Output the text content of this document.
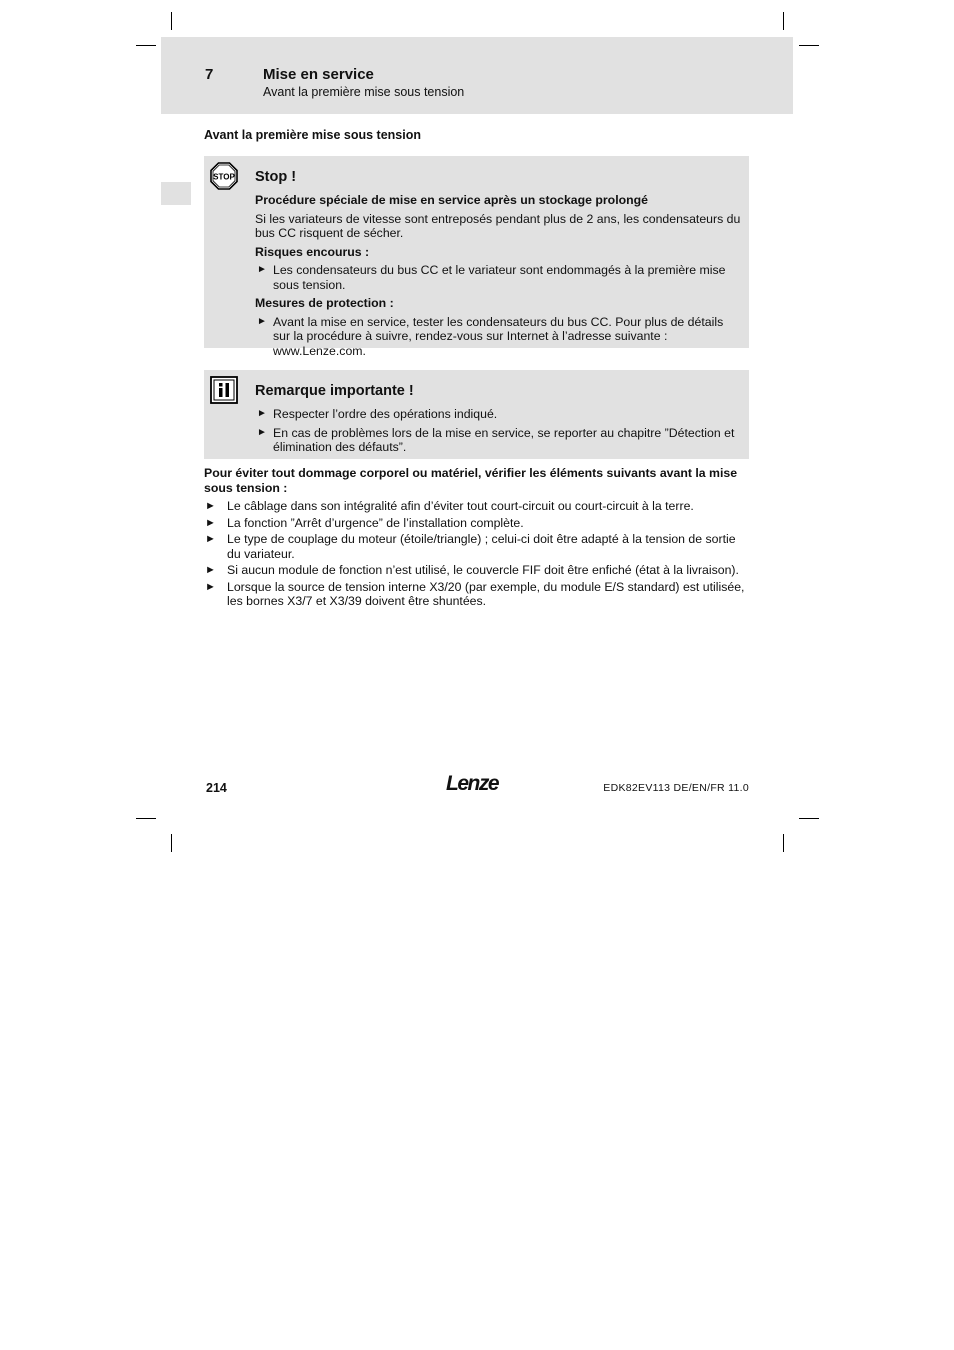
7	Mise en service
Avant la première mise sous tension
Avant la première mise sous tension
STOP Stop !

Procédure spéciale de mise en service après un stockage prolongé

Si les variateurs de vitesse sont entreposés pendant plus de 2 ans, les condensateurs du bus CC risquent de sécher.

Risques encourus :

► Les condensateurs du bus CC et le variateur sont endommagés à la première mise sous tension.

Mesures de protection :

► Avant la mise en service, tester les condensateurs du bus CC. Pour plus de détails sur la procédure à suivre, rendez-vous sur Internet à l’adresse suivante : www.Lenze.com.
Remarque importante !
► Respecter l’ordre des opérations indiqué.
► En cas de problèmes lors de la mise en service, se reporter au chapitre ”Détection et élimination des défauts”.

Pour éviter tout dommage corporel ou matériel, vérifier les éléments suivants avant la mise sous tension :

► Le câblage dans son intégralité afin d’éviter tout court-circuit ou court-circuit à la terre.
► La fonction ”Arrêt d’urgence” de l’installation complète.
► Le type de couplage du moteur (étoile/triangle) ; celui-ci doit être adapté à la tension de sortie du variateur.
► Si aucun module de fonction n’est utilisé, le couvercle FIF doit être enfiché (état à la livraison).
► Lorsque la source de tension interne X3/20 (par exemple, du module E/S standard) est utilisée, les bornes X3/7 et X3/39 doivent être shuntées.
214	Lenze	EDK82EV113 DE/EN/FR 11.0
